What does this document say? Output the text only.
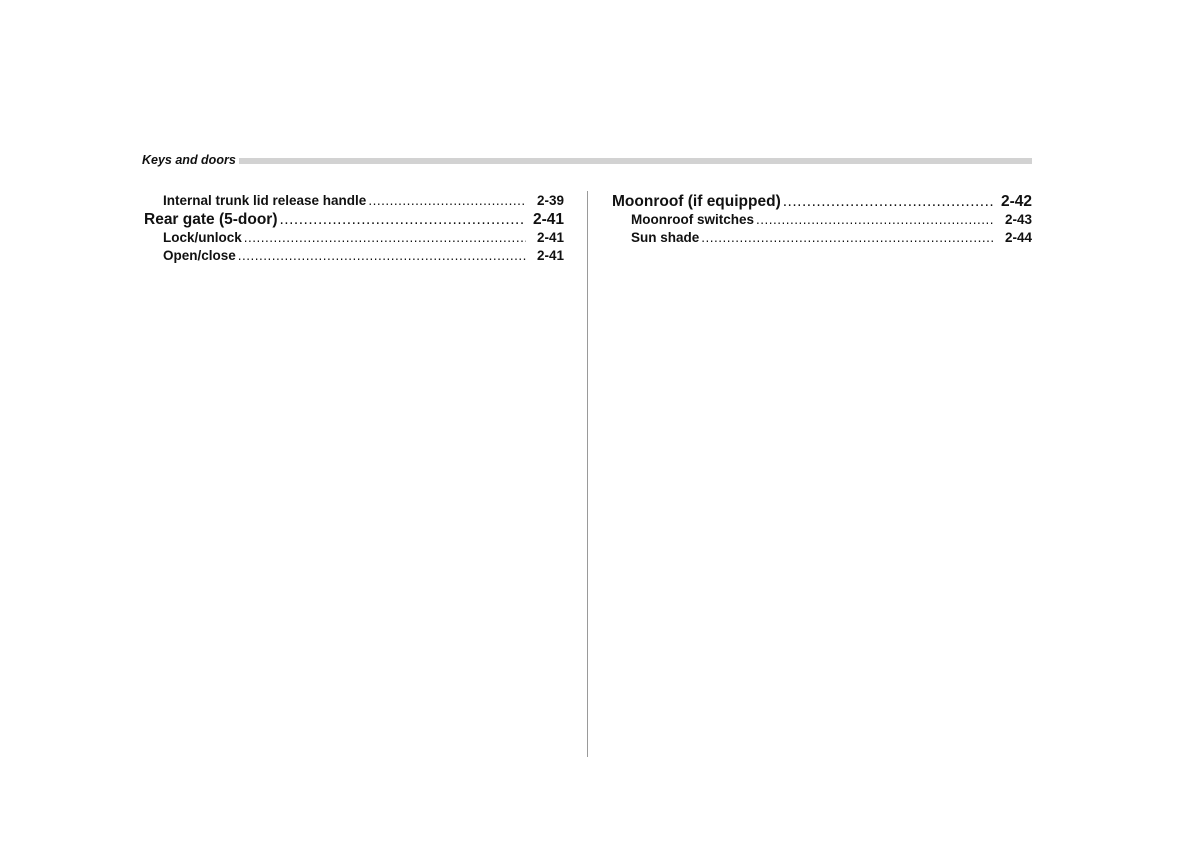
Keys and doors
Internal trunk lid release handle .....	2-39
Rear gate (5-door) .....	2-41
Lock/unlock .....	2-41
Open/close .....	2-41
Moonroof (if equipped) .....	2-42
Moonroof switches .....	2-43
Sun shade .....	2-44
